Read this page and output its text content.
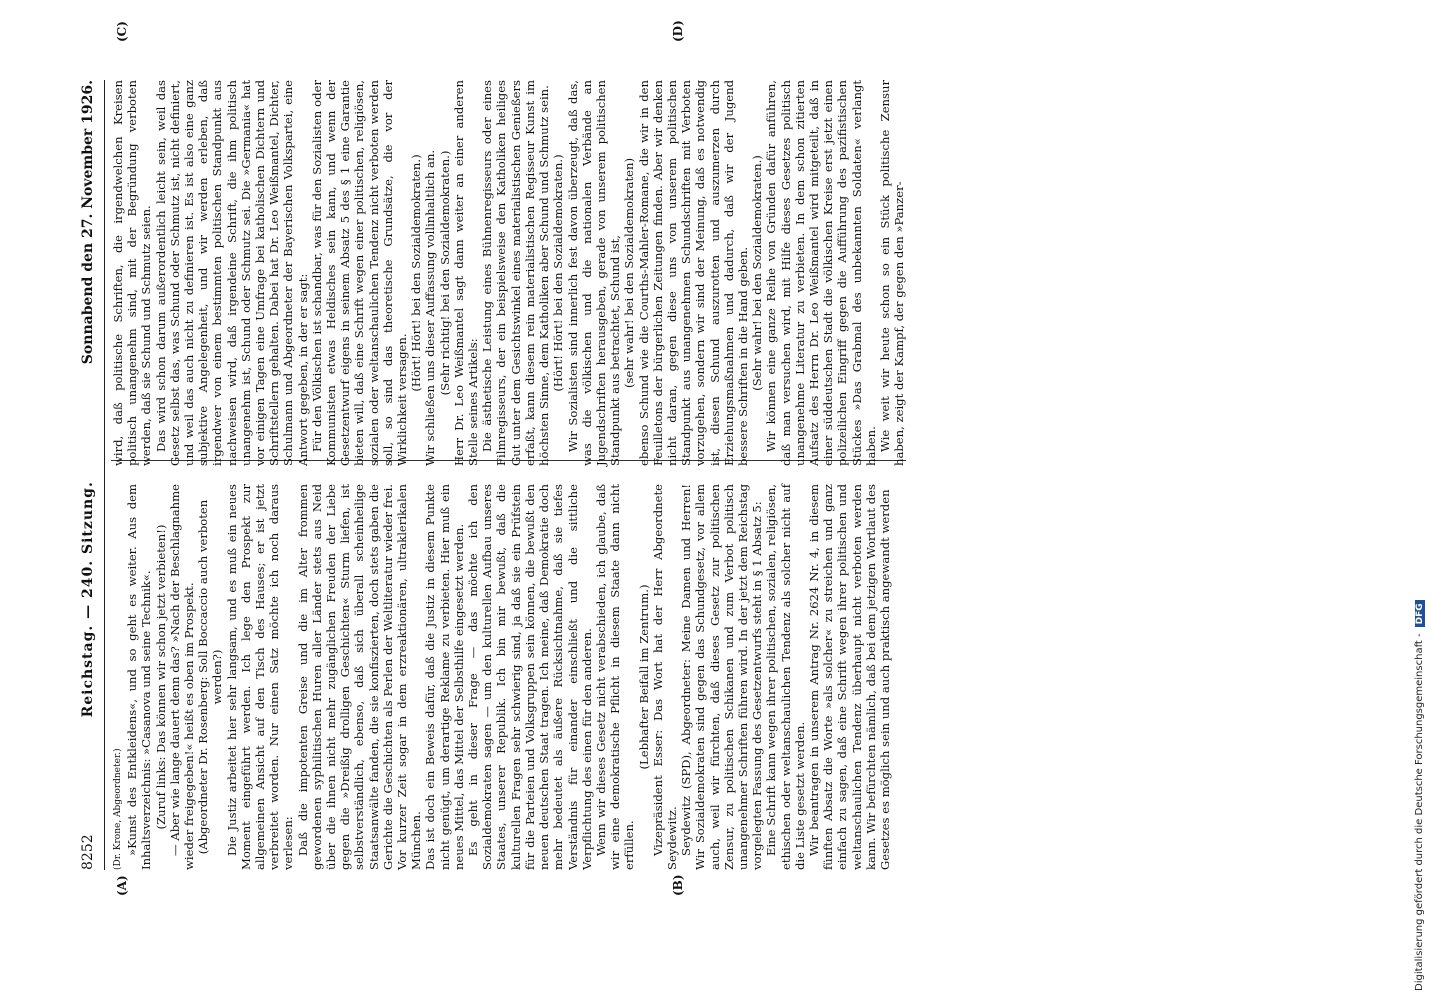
8252
Reichstag. — 240. Sitzung.
Sonnabend den 27. November 1926.

(Dr. Krone, Abgeordneter.) »Kunst des Entkleidens«, und so geht es weiter. Aus dem Inhaltsverzeichnis: »Casanova und seine Technik«. (Zuruf links: Das können wir schon jetzt verbieten!) — Aber wie lange dauert denn das? »Nach der Beschlagnahme wieder freigegeben!« heißt es oben im Prospekt. (Abgeordneter Dr. Rosenberg: Soll Boccaccio auch verboten werden?) Die Justiz arbeitet hier sehr langsam, und es muß ein neues Moment eingeführt werden. Ich lege den Prospekt zur allgemeinen Ansicht auf den Tisch des Hauses; er ist jetzt verbreitet worden. Nur einen Satz möchte ich noch daraus verlesen: Daß die impotenten Greise und die im Alter frommen gewordenen syphilitischen Huren aller Länder stets aus Neid über die ihnen nicht mehr zugänglichen Freuden der Liebe gegen die »Dreißig drolligen Geschichten« Sturm liefen, ist selbstverständlich, ebenso, daß sich überall scheinheilige Staatsanwälte fanden, die sie konfiszierten, doch stets gaben die Gerichte die Geschichten als Perlen der Weltliteratur wieder frei. Vor kurzer Zeit sogar in dem erzreaktionären, ultraklerikalen München. Das ist doch ein Beweis dafür, daß die Justiz in diesem Punkte nicht genügt, um derartige Reklame zu verbieten. Hier muß ein neues Mittel, das Mittel der Selbsthilfe eingesetzt werden. Es geht in dieser Frage — das möchte ich den Sozialdemokraten sagen — um den kulturellen Aufbau unseres Staates, unserer Republik. Ich bin mir bewußt, daß die kulturellen Fragen sehr schwierig sind, ja daß sie ein Prüfstein für die Parteien und Volksgruppen sein können, die bewußt den neuen deutschen Staat tragen. Ich meine, daß Demokratie doch mehr bedeutet als äußere Rücksichtnahme, daß sie tiefes Verständnis für einander einschließt und die sittliche Verpflichtung des einen für den anderen. Wenn wir dieses Gesetz nicht verabschieden, ich glaube, daß wir eine demokratische Pflicht in diesem Staate dann nicht erfüllen.

(Lebhafter Beifall im Zentrum.) Vizepräsident Esser: Das Wort hat der Herr Abgeordnete Seydewitz. Seydewitz (SPD), Abgeordneter: Meine Damen und Herren! Wir Sozialdemokraten sind gegen das Schundgesetz, vor allem auch, weil wir fürchten, daß dieses Gesetz zur politischen Zensur, zu politischen Schikanen und zum Verbot politisch unangenehmer Schriften führen wird. In der jetzt dem Reichstag vorgelegten Fassung des Gesetzentwurfs steht in § 1 Absatz 5: Eine Schrift kann wegen ihrer politischen, sozialen, religiösen, ethischen oder weltanschaulichen Tendenz als solcher nicht auf die Liste gesetzt werden. Wir beantragen in unserem Antrag Nr. 2624 Nr. 4, in diesem fünften Absatz die Worte »als solcher« zu streichen und ganz einfach zu sagen, daß eine Schrift wegen ihrer politischen und weltanschaulichen Tendenz überhaupt nicht verboten werden kann. Wir befürchten nämlich, daß bei dem jetzigen Wortlaut des Gesetzes es möglich sein und auch praktisch angewandt werden

wird, daß politische Schriften, die irgendwelchen Kreisen politisch unangenehm sind, mit der Begründung verboten werden, daß sie Schund und Schmutz seien. Das wird schon darum außerordentlich leicht sein, weil das Gesetz selbst das, was Schund oder Schmutz ist, nicht definiert, und weil das auch nicht zu definieren ist. Es ist also eine ganz subjektive Angelegenheit, und wir werden erleben, daß irgendwer von einem bestimmten politischen Standpunkt aus nachweisen wird, daß irgendeine Schrift, die ihm politisch unangenehm ist, Schund oder Schmutz sei. Die »Germania« hat vor einigen Tagen eine Umfrage bei katholischen Dichtern und Schriftstellern gehalten. Dabei hat Dr. Leo Weißmantel, Dichter, Schulmann und Abgeordneter der Bayerischen Volkspartei, eine Antwort gegeben, in der er sagt: Für den Völkischen ist schandbar, was für den Sozialisten oder Kommunisten etwas Heldisches sein kann, und wenn der Gesetzentwurf eigens in seinem Absatz 5 des § 1 eine Garantie bieten will, daß eine Schrift wegen einer politischen, religiösen, sozialen oder weltanschaulichen Tendenz nicht verboten werden soll, so sind das theoretische Grundsätze, die vor der Wirklichkeit versagen.

(Hört! Hört! bei den Sozialdemokraten.) Wir schließen uns dieser Auffassung vollinhaltlich an. (Sehr richtig! bei den Sozialdemokraten.) Herr Dr. Leo Weißmantel sagt dann weiter an einer anderen Stelle seines Artikels: Die ästhetische Leistung eines Bühnenregisseurs oder eines Filmregisseurs, der ein beispielsweise den Katholiken heiliges Gut unter dem Gesichtswinkel eines materialistischen Genießers erfaßt, kann diesem rein materialistischen Regisseur Kunst im höchsten Sinne, dem Katholiken aber Schund und Schmutz sein. (Hört! Hört! bei den Sozialdemokraten.) Wir Sozialisten sind innerlich fest davon überzeugt, daß das, was die völkischen und die nationalen Verbände an Jugendschriften herausgeben, gerade von unserem politischen Standpunkt aus betrachtet, Schund ist, (sehr wahr! bei den Sozialdemokraten) ebenso Schund wie die Courths-Mahler-Romane, die wir in den Feuilletons der bürgerlichen Zeitungen finden. Aber wir denken nicht daran, gegen diese uns von unserem politischen Standpunkt aus unangenehmen Schundschriften mit Verboten vorzugehen, sondern wir sind der Meinung, daß es notwendig ist, diesen Schund auszurotten und auszumerzen durch Erziehungsmaßnahmen und dadurch, daß wir der Jugend bessere Schriften in die Hand geben. (Sehr wahr! bei den Sozialdemokraten.) Wir können eine ganze Reihe von Gründen dafür anführen, daß man versuchen wird, mit Hilfe dieses Gesetzes politisch unangenehme Literatur zu verbieten. In dem schon zitierten Aufsatz des Herrn Dr. Leo Weißmantel wird mitgeteilt, daß in einer süddeutschen Stadt die völkischen Kreise erst jetzt einen polizeilichen Eingriff gegen die Aufführung des pazifistischen Stückes »Das Grabmal des unbekannten Soldaten« verlangt haben. Wie weit wir heute schon so ein Stück politische Zensur haben, zeigt der Kampf, der gegen den »Panzer-

(A)	(B)
(C)	(D)
Digitalisierung gefördert durch die Deutsche Forschungsgemeinschaft -DFG
